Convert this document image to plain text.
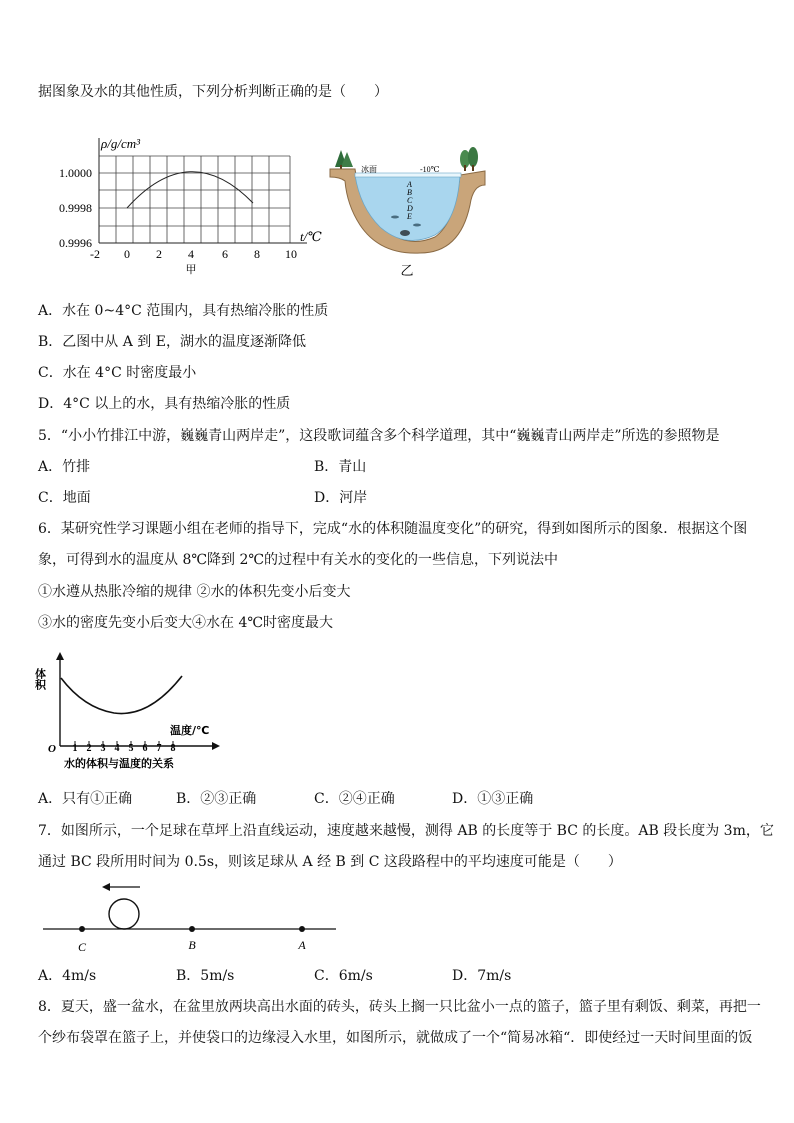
据图象及水的其他性质，下列分析判断正确的是（　　）
1.0000
0.9998
0.9996
ρ/g/cm³
-2 0 2 4 6 8 10
t/℃
甲
冰面	-10℃
A
B
C
D
E
乙
A．水在 0~4°C 范围内，具有热缩冷胀的性质
B．乙图中从 A 到 E，湖水的温度逐渐降低
C．水在 4°C 时密度最小
D．4°C 以上的水，具有热缩冷胀的性质
5．“小小竹排江中游，巍巍青山两岸走”，这段歌词蕴含多个科学道理，其中“巍巍青山两岸走”所选的参照物是
A．竹排	B．青山
C．地面	D．河岸
6．某研究性学习课题小组在老师的指导下，完成“水的体积随温度变化”的研究，得到如图所示的图象．根据这个图
象，可得到水的温度从 8℃降到 2℃的过程中有关水的变化的一些信息，下列说法中
①水遵从热胀冷缩的规律 ②水的体积先变小后变大
③水的密度先变小后变大④水在 4℃时密度最大
体积
温度/℃
O 1 2 3 4 5 6 7 8
水的体积与温度的关系
A．只有①正确	B．②③正确	C．②④正确	D．①③正确
7．如图所示，一个足球在草坪上沿直线运动，速度越来越慢，测得 AB 的长度等于 BC 的长度。AB 段长度为 3m，它
通过 BC 段所用时间为 0.5s，则该足球从 A 经 B 到 C 这段路程中的平均速度可能是（　　）
C	B	A
A．4m/s	B．5m/s	C．6m/s	D．7m/s
8．夏天，盛一盆水，在盆里放两块高出水面的砖头，砖头上搁一只比盆小一点的篮子，篮子里有剩饭、剩菜，再把一
个纱布袋罩在篮子上，并使袋口的边缘浸入水里，如图所示，就做成了一个“简易冰箱“．即使经过一天时间里面的饭
